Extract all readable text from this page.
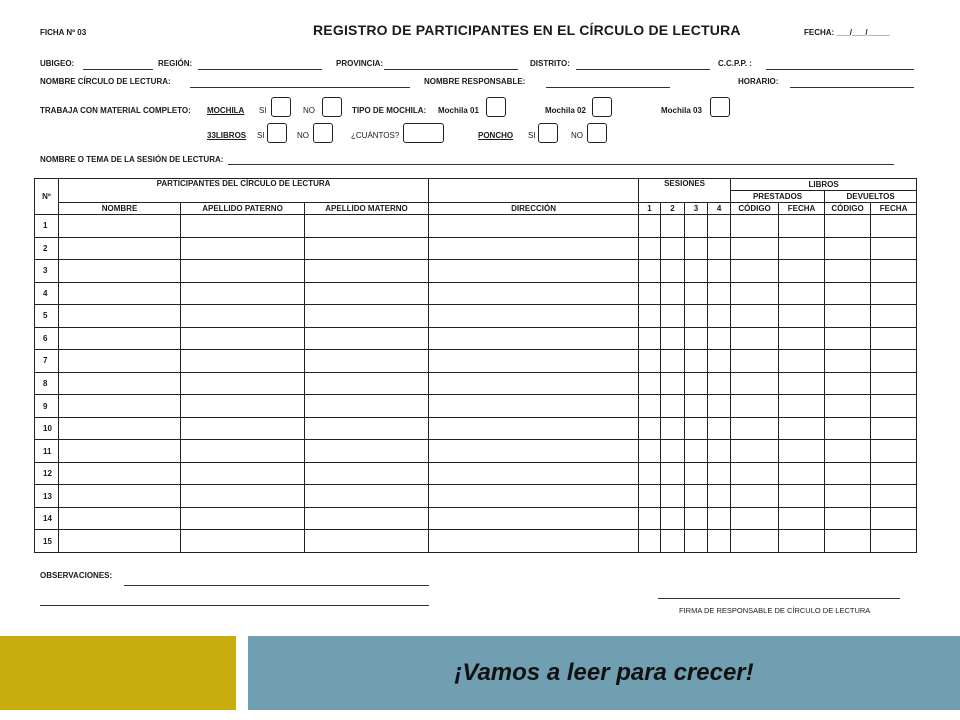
FICHA Nº 03	REGISTRO DE PARTICIPANTES EN EL CÍRCULO DE LECTURA	FECHA: ___/___/_____
UBIGEO:	REGIÓN:	PROVINCIA:	DISTRITO:	C.C.P.P. :
NOMBRE CÍRCULO DE LECTURA:	NOMBRE RESPONSABLE:	HORARIO:
TRABAJA CON MATERIAL COMPLETO: MOCHILA SI	NO	TIPO DE MOCHILA: Mochila 01	Mochila 02	Mochila 03
33LIBROS SI	NO	¿CUÁNTOS?	PONCHO SI	NO
NOMBRE O TEMA DE LA SESIÓN DE LECTURA:
Nº	PARTICIPANTES DEL CÍRCULO DE LECTURA				SESIONES				LIBROS			
									PRESTADOS		DEVUELTOS	
	NOMBRE	APELLIDO PATERNO	APELLIDO MATERNO	DIRECCIÓN	1	2	3	4	CÓDIGO	FECHA	CÓDIGO	FECHA
1												
2												
3												
4												
5												
6												
7												
8												
9												
10												
11												
12												
13												
14												
15												
OBSERVACIONES:
FIRMA DE RESPONSABLE DE CÍRCULO DE LECTURA
¡Vamos a leer para crecer!
